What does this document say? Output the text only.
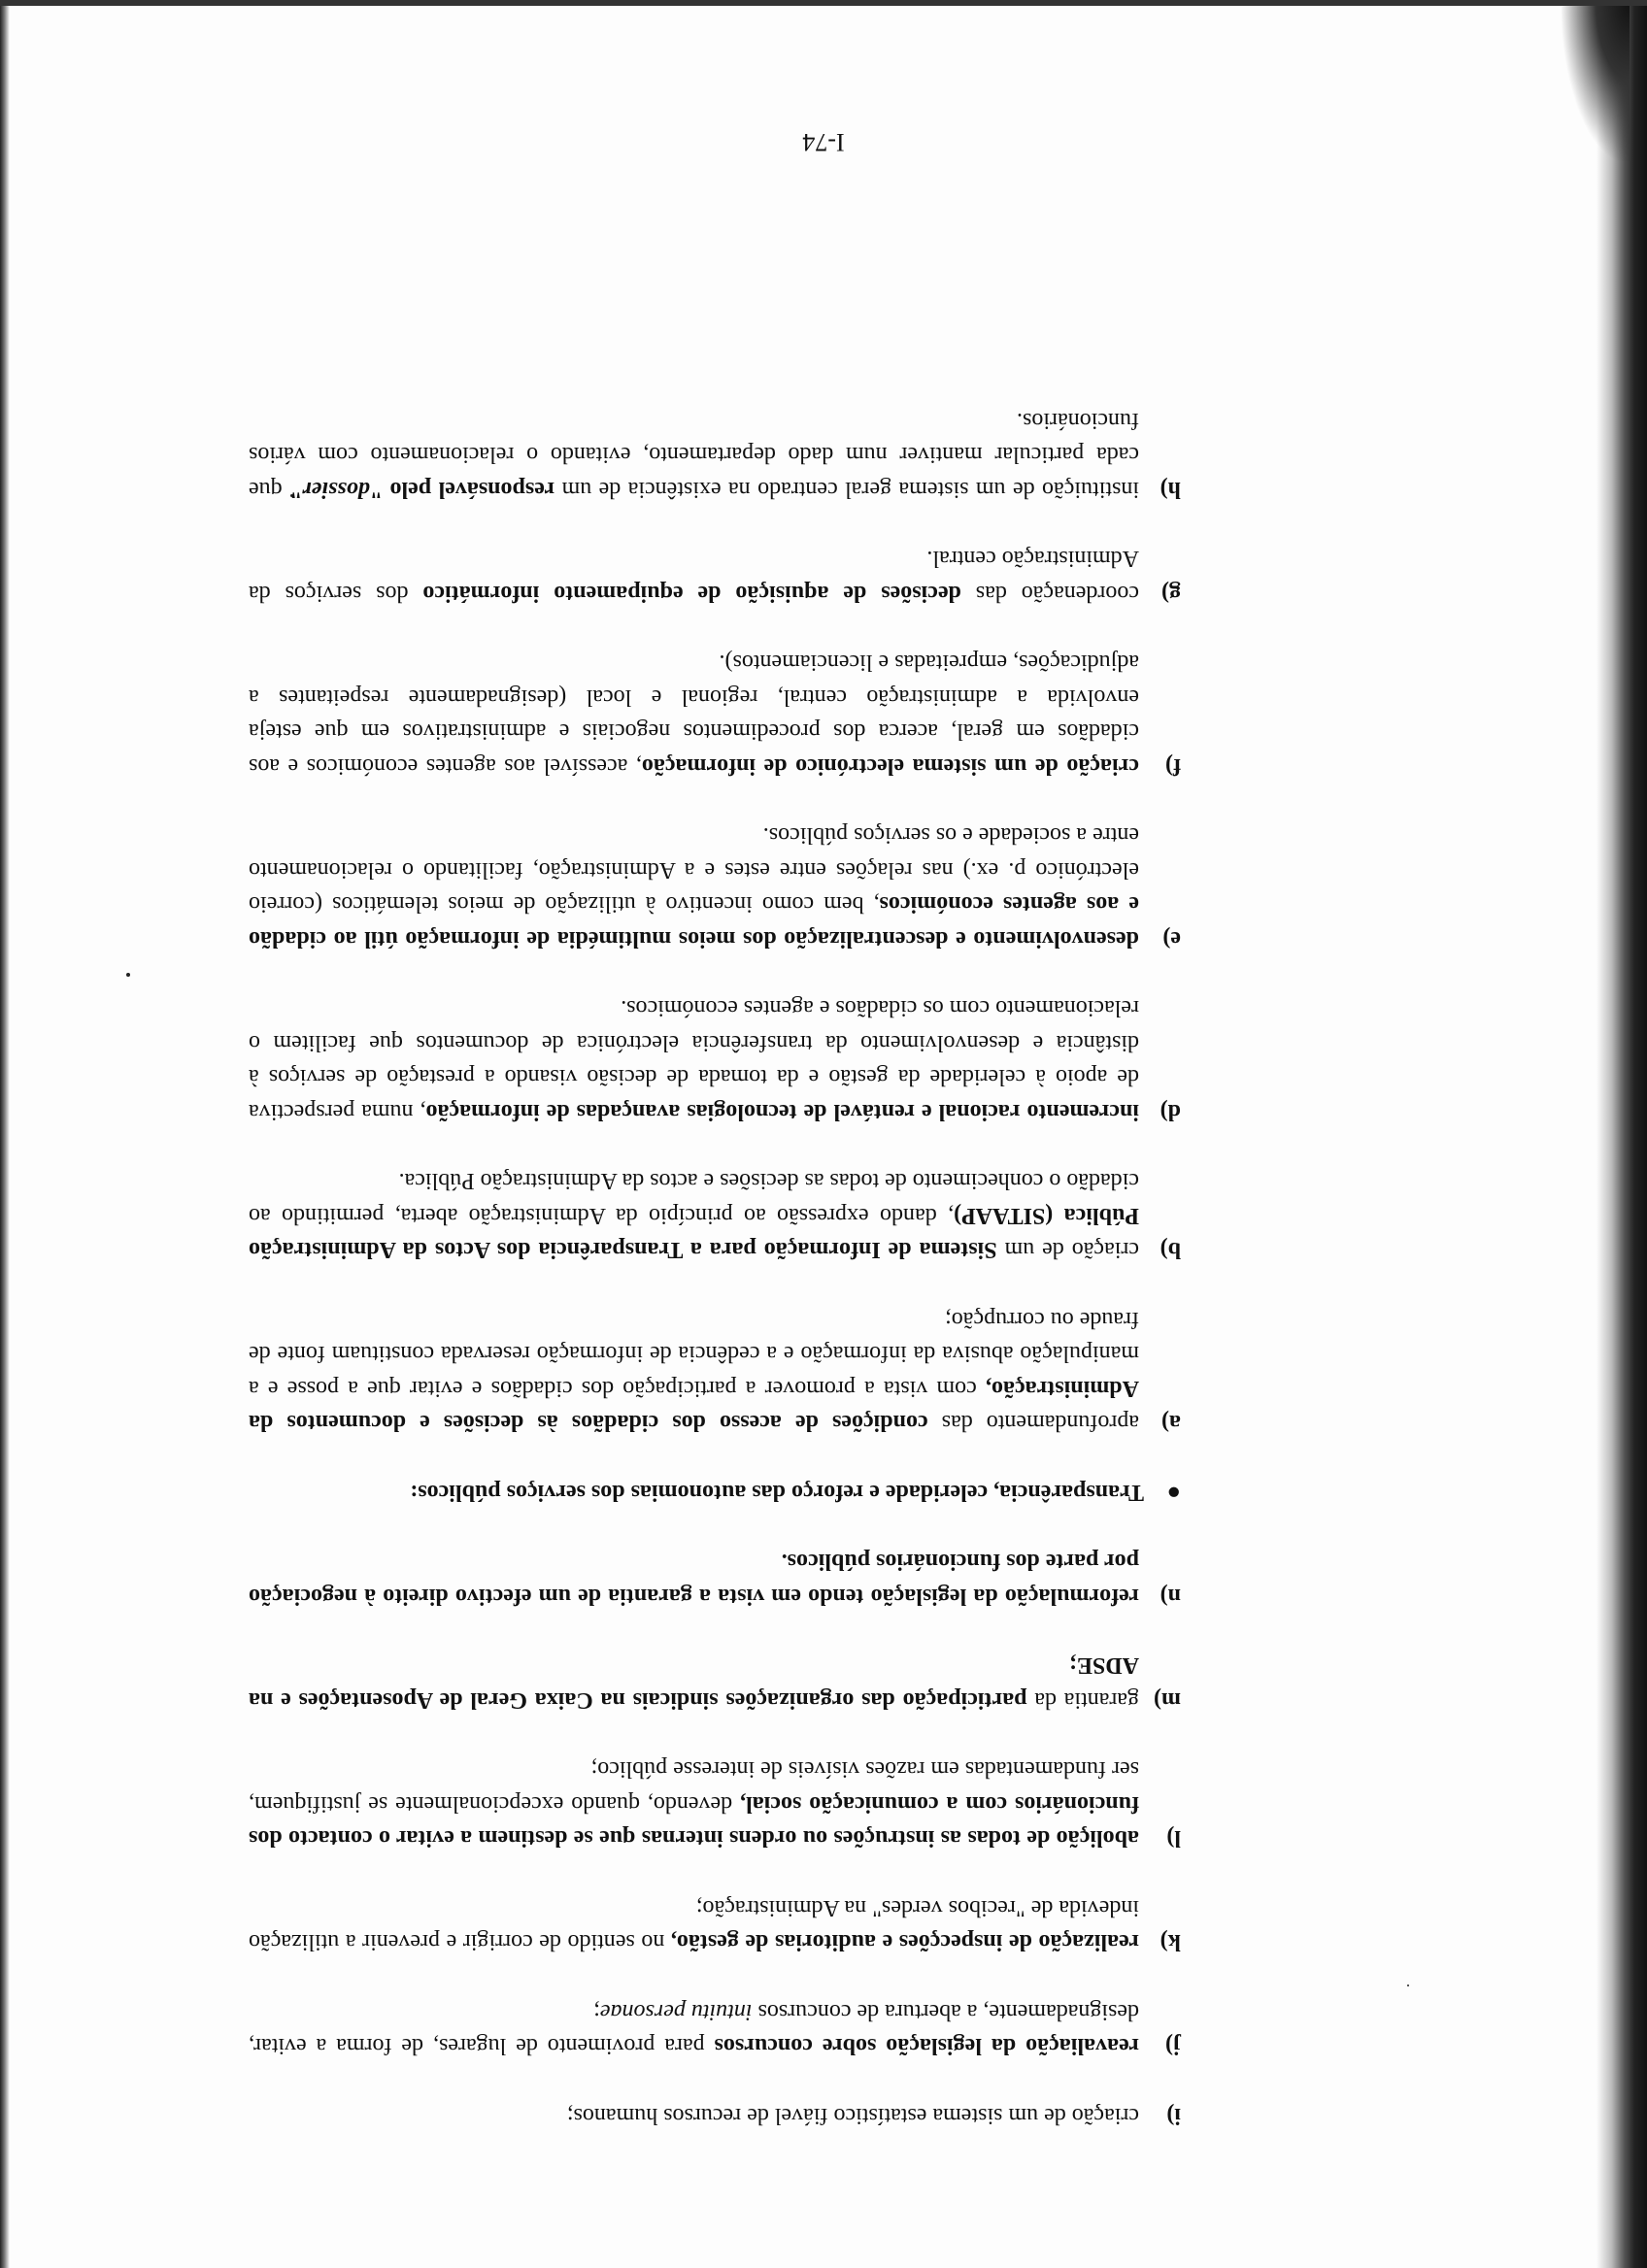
i)criação de um sistema estatístico fiável de recursos humanos;
j)reavaliação da legislação sobre concursos para provimento de lugares, de forma a evitar, designadamente, a abertura de concursos intuitu personae;
k)realização de inspecções e auditorias de gestão, no sentido de corrigir e prevenir a utilização indevida de "recibos verdes" na Administração;
l)abolição de todas as instruções ou ordens internas que se destinem a evitar o contacto dos funcionários com a comunicação social, devendo, quando excepcionalmente se justifiquem, ser fundamentadas em razões visíveis de interesse público;
m)garantia da participação das organizações sindicais na Caixa Geral de Aposentações e na ADSE;
n)reformulação da legislação tendo em vista a garantia de um efectivo direito à negociação por parte dos funcionários públicos.
●Transparência, celeridade e reforço das autonomias dos serviços públicos:
a)aprofundamento das condições de acesso dos cidadãos às decisões e documentos da Administração, com vista a promover a participação dos cidadãos e evitar que a posse e a manipulação abusiva da informação e a cedência de informação reservada constituam fonte de fraude ou corrupção;
b)criação de um Sistema de Informação para a Transparência dos Actos da Administração Pública (SITAAP), dando expressão ao princípio da Administração aberta, permitindo ao cidadão o conhecimento de todas as decisões e actos da Administração Pública.
d)incremento racional e rentável de tecnologias avançadas de informação, numa perspectiva de apoio à celeridade da gestão e da tomada de decisão visando a prestação de serviços à distância e desenvolvimento da transferência electrónica de documentos que facilitem o relacionamento com os cidadãos e agentes económicos.
e)desenvolvimento e descentralização dos meios multimédia de informação útil ao cidadão e aos agentes económicos, bem como incentivo à utilização de meios telemáticos (correio electrónico p. ex.) nas relações entre estes e a Administração, facilitando o relacionamento entre a sociedade e os serviços públicos.
f)criação de um sistema electrónico de informação, acessível aos agentes económicos e aos cidadãos em geral, acerca dos procedimentos negociais e administrativos em que esteja envolvida a administração central, regional e local (designadamente respeitantes a adjudicações, empreitadas e licenciamentos).
g)coordenação das decisões de aquisição de equipamento informático dos serviços da Administração central.
h)instituição de um sistema geral centrado na existência de um responsável pelo "dossier" que cada particular mantiver num dado departamento, evitando o relacionamento com vários funcionários.
I-74
